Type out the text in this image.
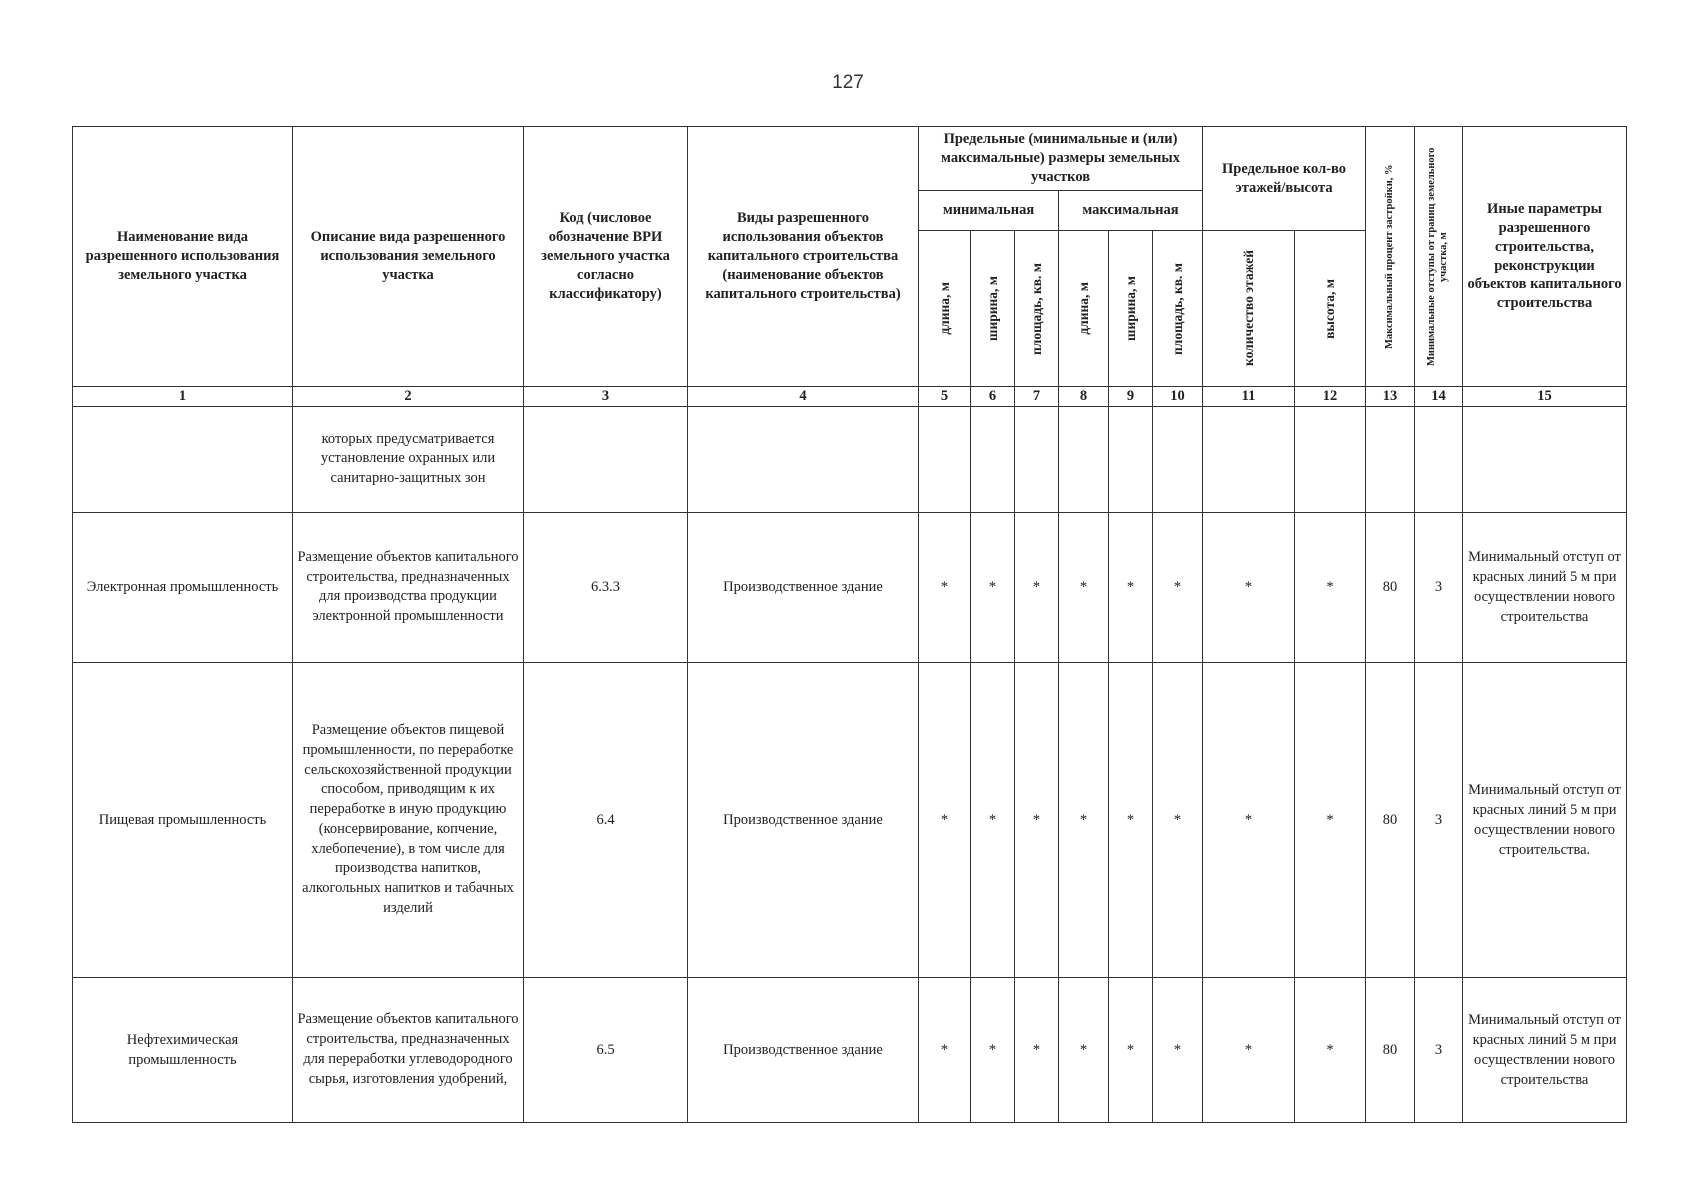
127
Наименование вида разрешенного использования земельного участка	Описание вида разрешенного использования земельного участка	Код (числовое обозначение ВРИ земельного участка согласно классификатору)	Виды разрешенного использования объектов капитального строительства (наименование объектов капитального строительства)	Предельные (минимальные и (или) максимальные) размеры земельных участков						Предельное кол-во этажей/высота		Максимальный процент застройки, %	Минимальные отступы от границ земельного участка, м	Иные параметры разрешенного строительства, реконструкции объектов капитального строительства
				минимальная			максимальная							

				длина, м	ширина, м	площадь, кв. м	длина, м	ширина, м	площадь, кв. м	количество этажей	высота, м			

1	2	3	4	5	6	7	8	9	10	11	12	13	14	15
	которых предусматривается установление охранных или санитарно-защитных зон													
Электронная промышленность	Размещение объектов капитального строительства, предназначенных для производства продукции электронной промышленности	6.3.3	Производственное здание	*	*	*	*	*	*	*	*	80	3	Минимальный отступ от красных линий 5 м при осуществлении нового строительства
Пищевая промышленность	Размещение объектов пищевой промышленности, по переработке сельскохозяйственной продукции способом, приводящим к их переработке в иную продукцию (консервирование, копчение, хлебопечение), в том числе для производства напитков, алкогольных напитков и табачных изделий	6.4	Производственное здание	*	*	*	*	*	*	*	*	80	3	Минимальный отступ от красных линий 5 м при осуществлении нового строительства.
Нефтехимическая промышленность	Размещение объектов капитального строительства, предназначенных для переработки углеводородного сырья, изготовления удобрений,	6.5	Производственное здание	*	*	*	*	*	*	*	*	80	3	Минимальный отступ от красных линий 5 м при осуществлении нового строительства
